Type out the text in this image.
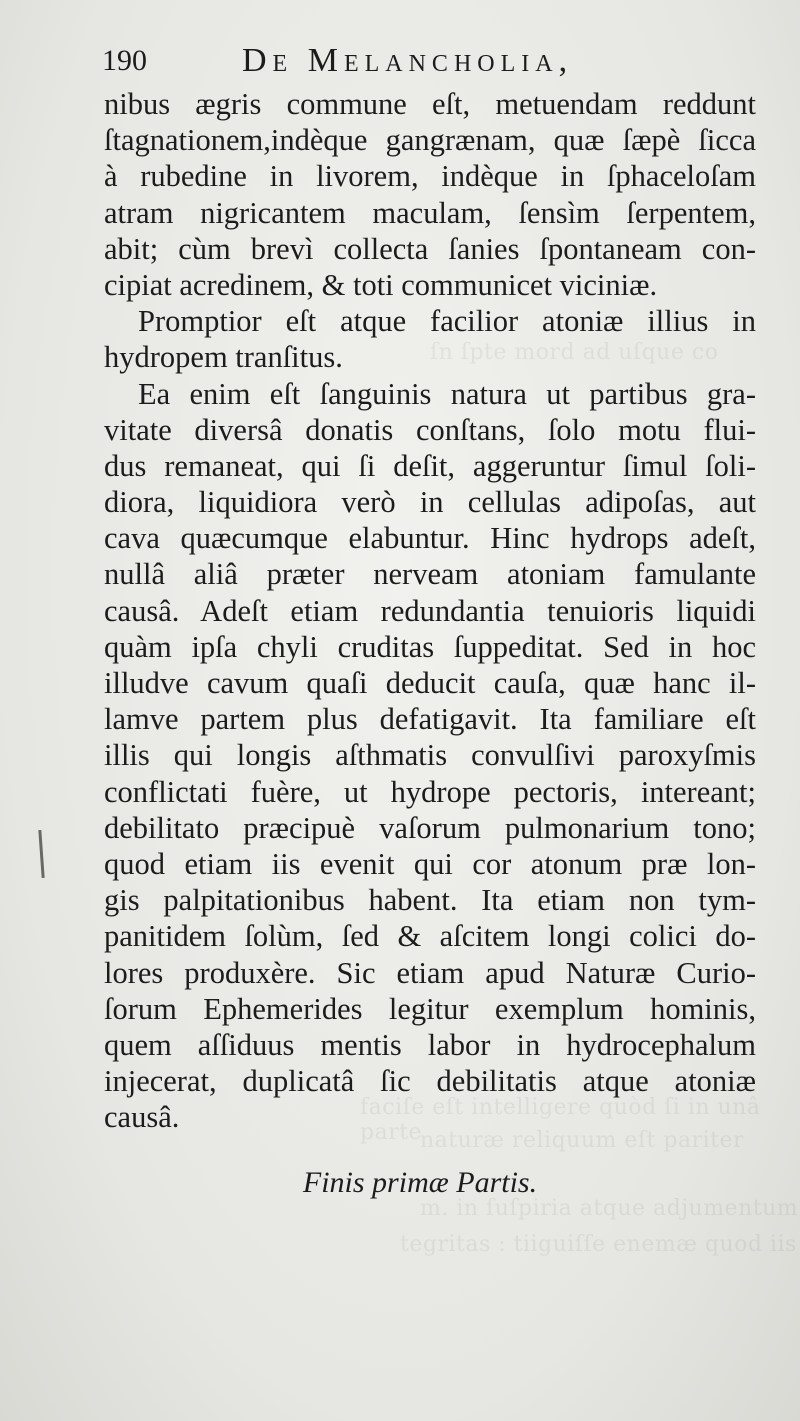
ſn ſpte mord ad uſque co
faciſe eſt intelligere quòd ſi in unâ parte
naturæ reliquum eſt pariter
m. in ſuſpiria atque adjumentum
tegritas : tiiguiſſe enemæ quod iis
190	De Melancholia,
nibus ægris commune eſt, metuendam reddunt
ſtagnationem,indèque gangrænam, quæ ſæpè ſicca
à rubedine in livorem, indèque in ſphaceloſam
atram nigricantem maculam, ſensìm ſerpentem,
abit; cùm brevì collecta ſanies ſpontaneam con-
cipiat acredinem, & toti communicet viciniæ.
Promptior eſt atque facilior atoniæ illius in
hydropem tranſitus.
Ea enim eſt ſanguinis natura ut partibus gra-
vitate diversâ donatis conſtans, ſolo motu flui-
dus remaneat, qui ſi deſit, aggeruntur ſimul ſoli-
diora, liquidiora verò in cellulas adipoſas, aut
cava quæcumque elabuntur. Hinc hydrops adeſt,
nullâ aliâ præter nerveam atoniam famulante
causâ. Adeſt etiam redundantia tenuioris liquidi
quàm ipſa chyli cruditas ſuppeditat. Sed in hoc
illudve cavum quaſi deducit cauſa, quæ hanc il-
lamve partem plus defatigavit. Ita familiare eſt
illis qui longis aſthmatis convulſivi paroxyſmis
conflictati fuère, ut hydrope pectoris, intereant;
debilitato præcipuè vaſorum pulmonarium tono;
quod etiam iis evenit qui cor atonum præ lon-
gis palpitationibus habent. Ita etiam non tym-
panitidem ſolùm, ſed & aſcitem longi colici do-
lores produxère. Sic etiam apud Naturæ Curio-
ſorum Ephemerides legitur exemplum hominis,
quem aſſiduus mentis labor in hydrocephalum
injecerat, duplicatâ ſic debilitatis atque atoniæ
causâ.
Finis primæ Partis.
